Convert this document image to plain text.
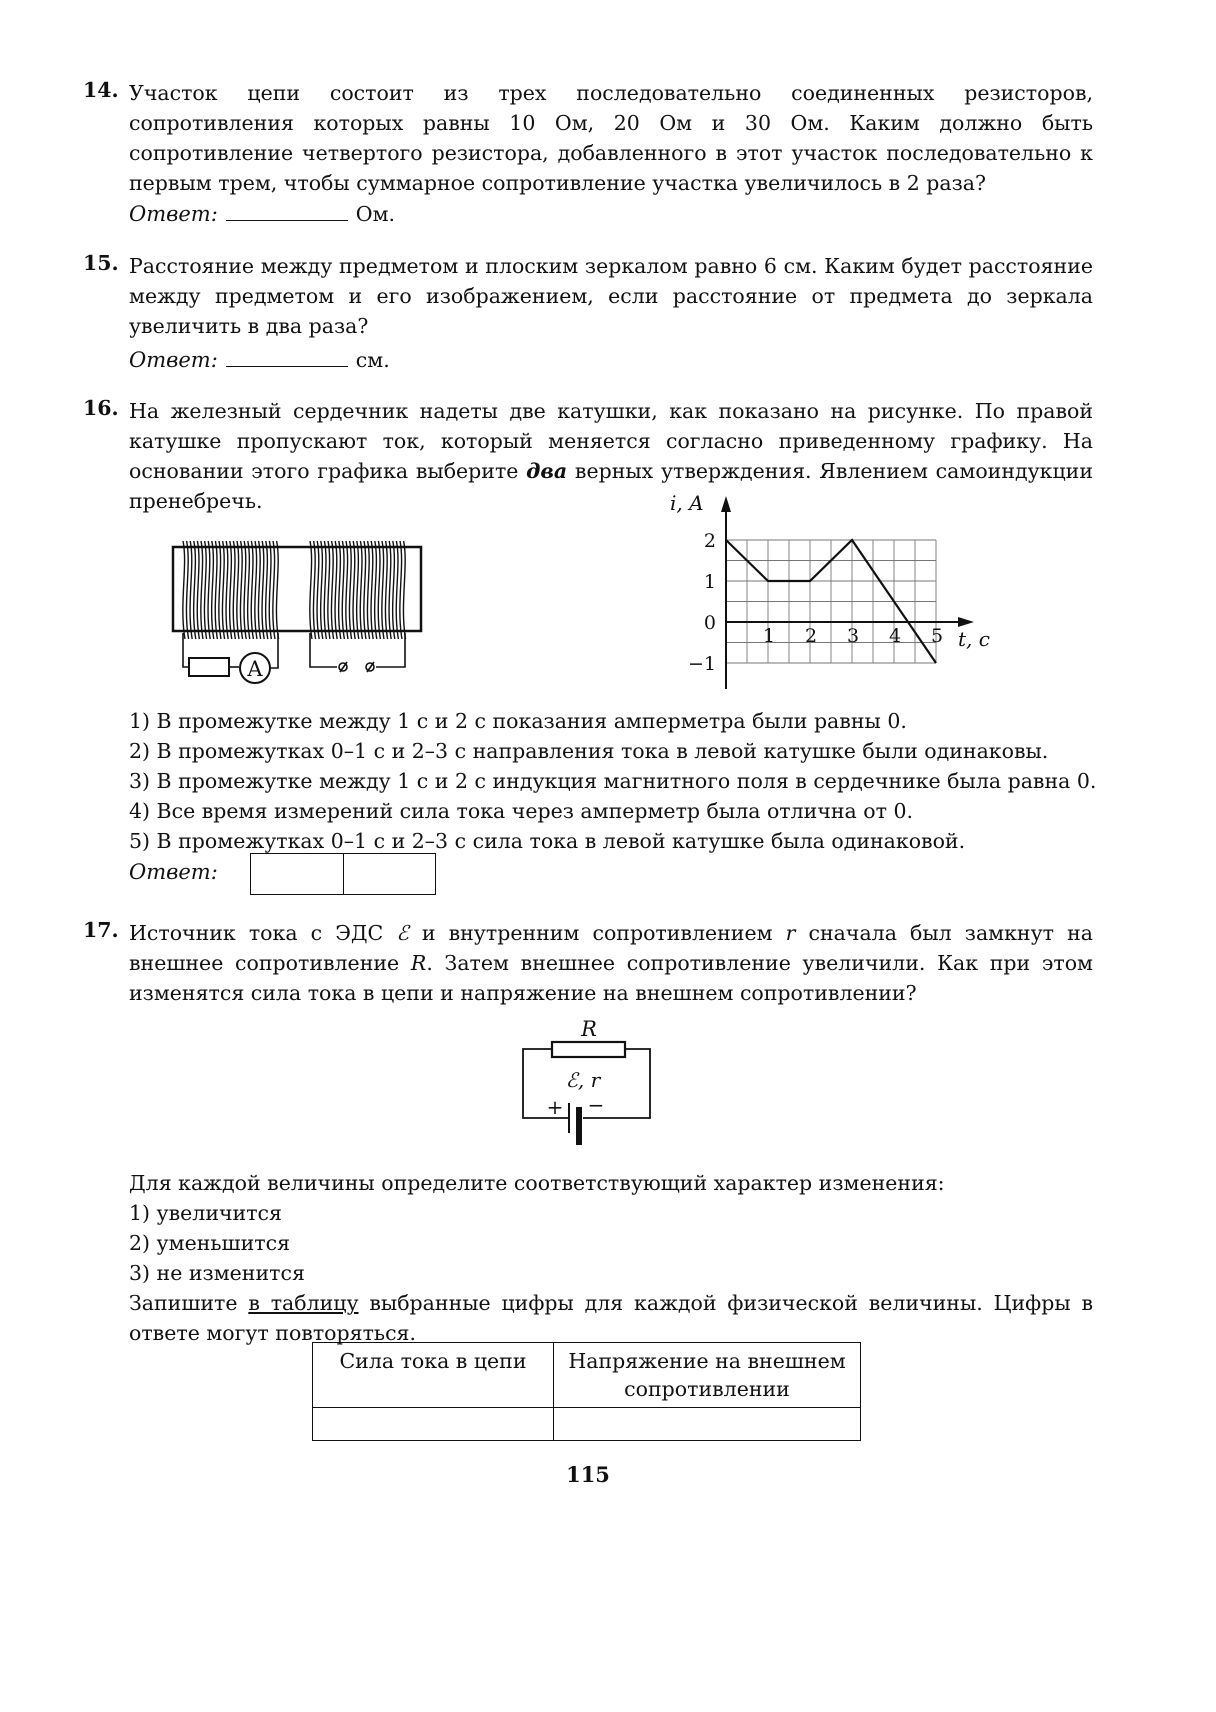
14. Участок цепи состоит из трех последовательно соединенных резисторов, сопротивления которых равны 10 Ом, 20 Ом и 30 Ом. Каким должно быть сопротивление четвертого резистора, добавленного в этот участок последовательно к первым трем, чтобы суммарное сопротивление участка увеличилось в 2 раза?

Ответ:	Ом.
15. Расстояние между предметом и плоским зеркалом равно 6 см. Каким будет расстояние между предметом и его изображением, если расстояние от предмета до зеркала увеличить в два раза?

Ответ:	см.
16. На железный сердечник надеты две катушки, как показано на рисунке. По правой катушке пропускают ток, который меняется согласно приведенному графику. На основании этого графика выберите два верных утверждения. Явлением самоиндукции пренебречь.

A
1 2 3 4 5
2
1
0
−1
i, A
t, c

1) В промежутке между 1 с и 2 с показания амперметра были равны 0.

2) В промежутках 0–1 с и 2–3 с направления тока в левой катушке были одинаковы.

3) В промежутке между 1 с и 2 с индукция магнитного поля в сердечнике была равна 0.

4) Все время измерений сила тока через амперметр была отлична от 0.

5) В промежутках 0–1 с и 2–3 с сила тока в левой катушке была одинаковой.

Ответ:
17. Источник тока с ЭДС ℰ и внутренним сопротивлением r сначала был замкнут на внешнее сопротивление R. Затем внешнее сопротивление увеличили. Как при этом изменятся сила тока в цепи и напряжение на внешнем сопротивлении?

R
ℰ, r
+ −

Для каждой величины определите соответствующий характер изменения:

1) увеличится

2) уменьшится

3) не изменится

Запишите в таблицу выбранные цифры для каждой физической величины. Цифры в ответе могут повторяться.

Сила тока в цепи	Напряжение на внешнем сопротивлении

115
